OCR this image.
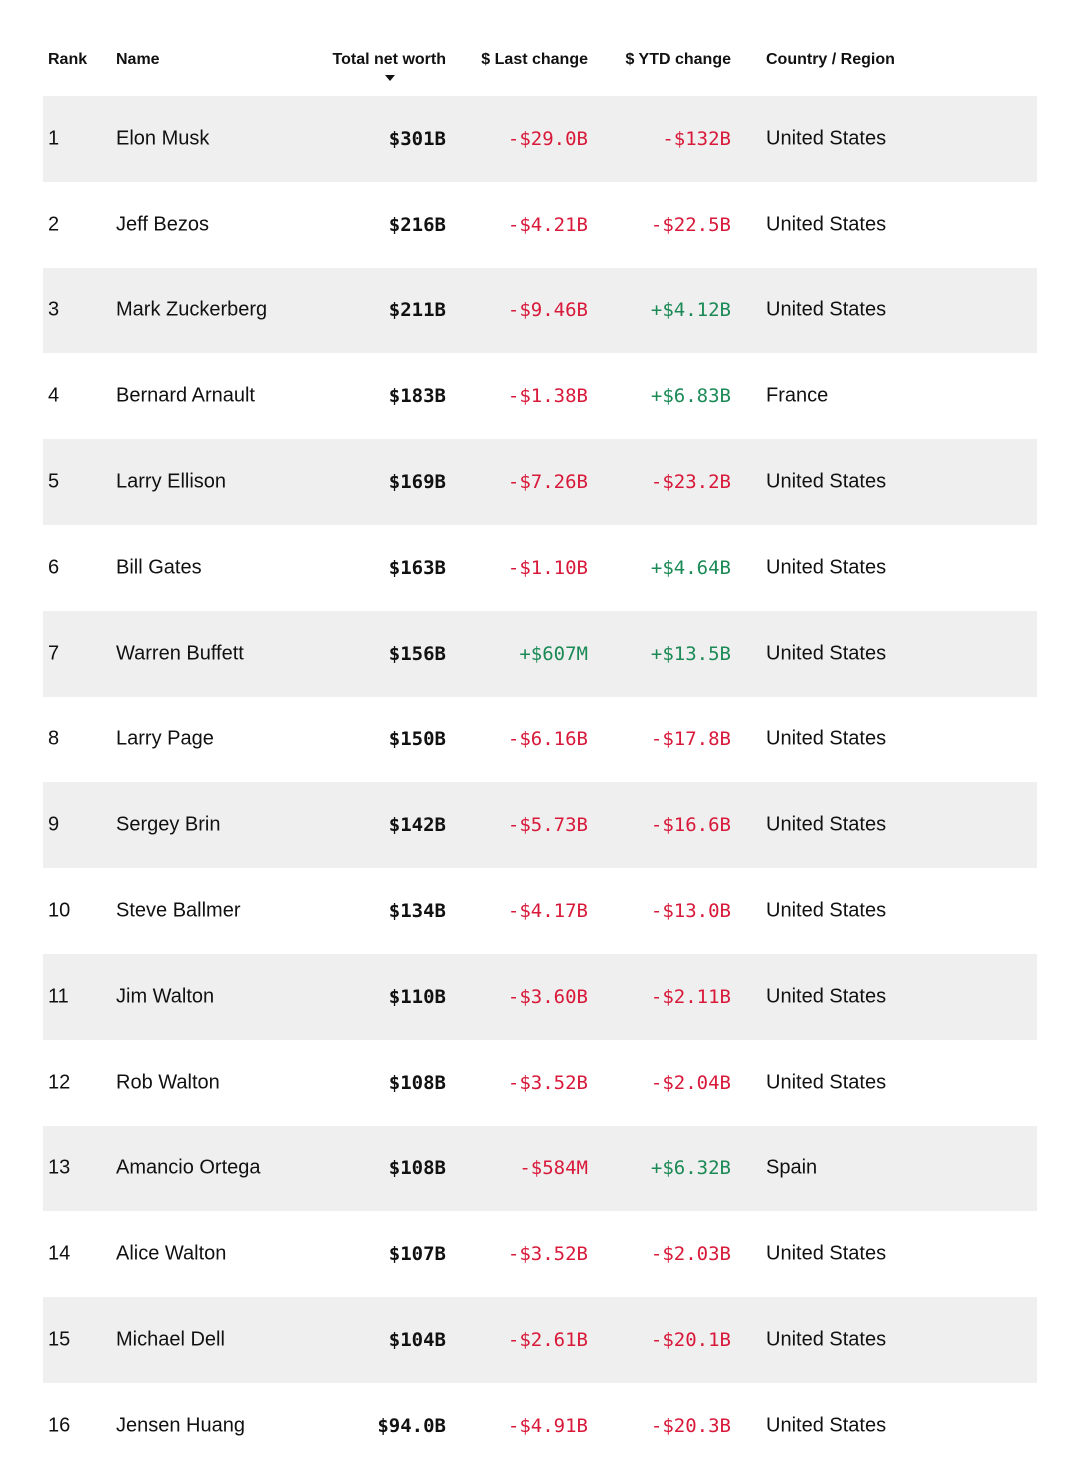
Rank Name	Total net worth $ Last change $ YTD change Country / Region
1	Elon Musk	$301B	-$29.0B	-$132B United States
2	Jeff Bezos	$216B	-$4.21B	-$22.5B United States
3	Mark Zuckerberg	$211B	-$9.46B	+$4.12B United States
4	Bernard Arnault	$183B	-$1.38B	+$6.83B France
5	Larry Ellison	$169B	-$7.26B	-$23.2B United States
6	Bill Gates	$163B	-$1.10B	+$4.64B United States
7	Warren Buffett	$156B	+$607M	+$13.5B United States
8	Larry Page	$150B	-$6.16B	-$17.8B United States
9	Sergey Brin	$142B	-$5.73B	-$16.6B United States
10 Steve Ballmer	$134B	-$4.17B	-$13.0B United States
11 Jim Walton	$110B	-$3.60B	-$2.11B United States
12 Rob Walton	$108B	-$3.52B	-$2.04B United States
13 Amancio Ortega	$108B	-$584M	+$6.32B Spain
14 Alice Walton	$107B	-$3.52B	-$2.03B United States
15 Michael Dell	$104B	-$2.61B	-$20.1B United States
16 Jensen Huang	$94.0B	-$4.91B	-$20.3B United States
